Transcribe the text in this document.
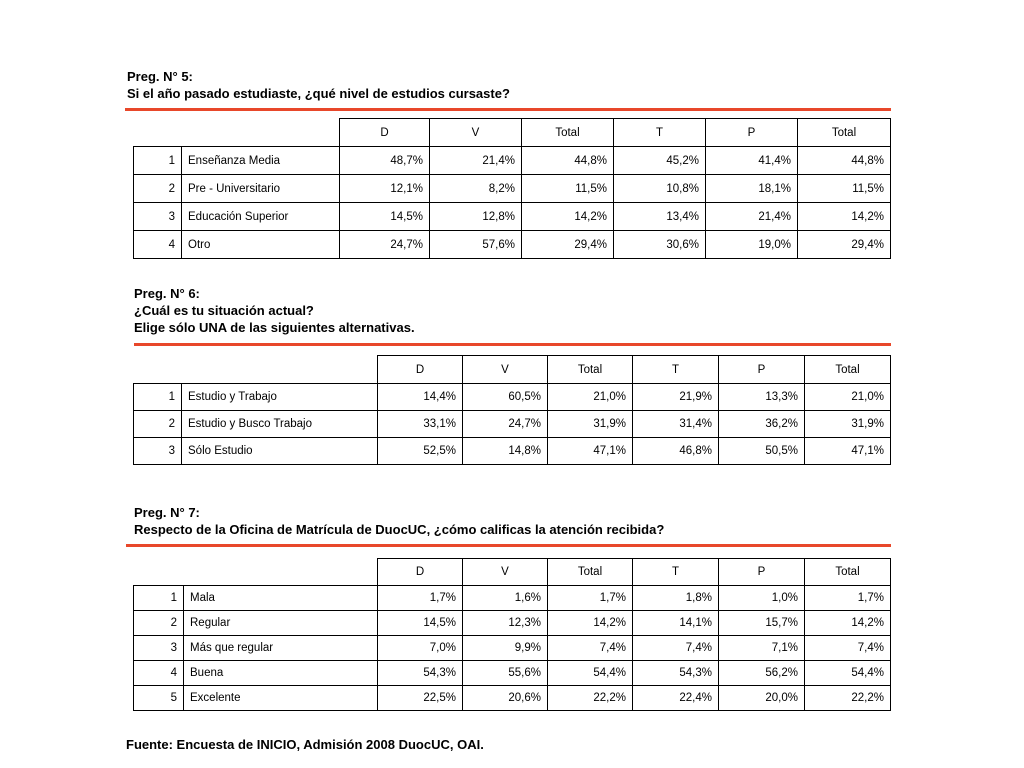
Preg. N° 5:
Si el año pasado estudiaste, ¿qué nivel de estudios cursaste?
		D	V	Total	T	P	Total
1	Enseñanza Media	48,7%	21,4%	44,8%	45,2%	41,4%	44,8%
2	Pre - Universitario	12,1%	8,2%	11,5%	10,8%	18,1%	11,5%
3	Educación Superior	14,5%	12,8%	14,2%	13,4%	21,4%	14,2%
4	Otro	24,7%	57,6%	29,4%	30,6%	19,0%	29,4%
Preg. N° 6:
¿Cuál es tu situación actual?
Elige sólo UNA de las siguientes alternativas.
		D	V	Total	T	P	Total
1	Estudio y Trabajo	14,4%	60,5%	21,0%	21,9%	13,3%	21,0%
2	Estudio y Busco Trabajo	33,1%	24,7%	31,9%	31,4%	36,2%	31,9%
3	Sólo Estudio	52,5%	14,8%	47,1%	46,8%	50,5%	47,1%
Preg. N° 7:
Respecto de la Oficina de Matrícula de DuocUC, ¿cómo calificas la atención recibida?
		D	V	Total	T	P	Total
1	Mala	1,7%	1,6%	1,7%	1,8%	1,0%	1,7%
2	Regular	14,5%	12,3%	14,2%	14,1%	15,7%	14,2%
3	Más que regular	7,0%	9,9%	7,4%	7,4%	7,1%	7,4%
4	Buena	54,3%	55,6%	54,4%	54,3%	56,2%	54,4%
5	Excelente	22,5%	20,6%	22,2%	22,4%	20,0%	22,2%
Fuente: Encuesta de INICIO, Admisión 2008 DuocUC, OAI.
